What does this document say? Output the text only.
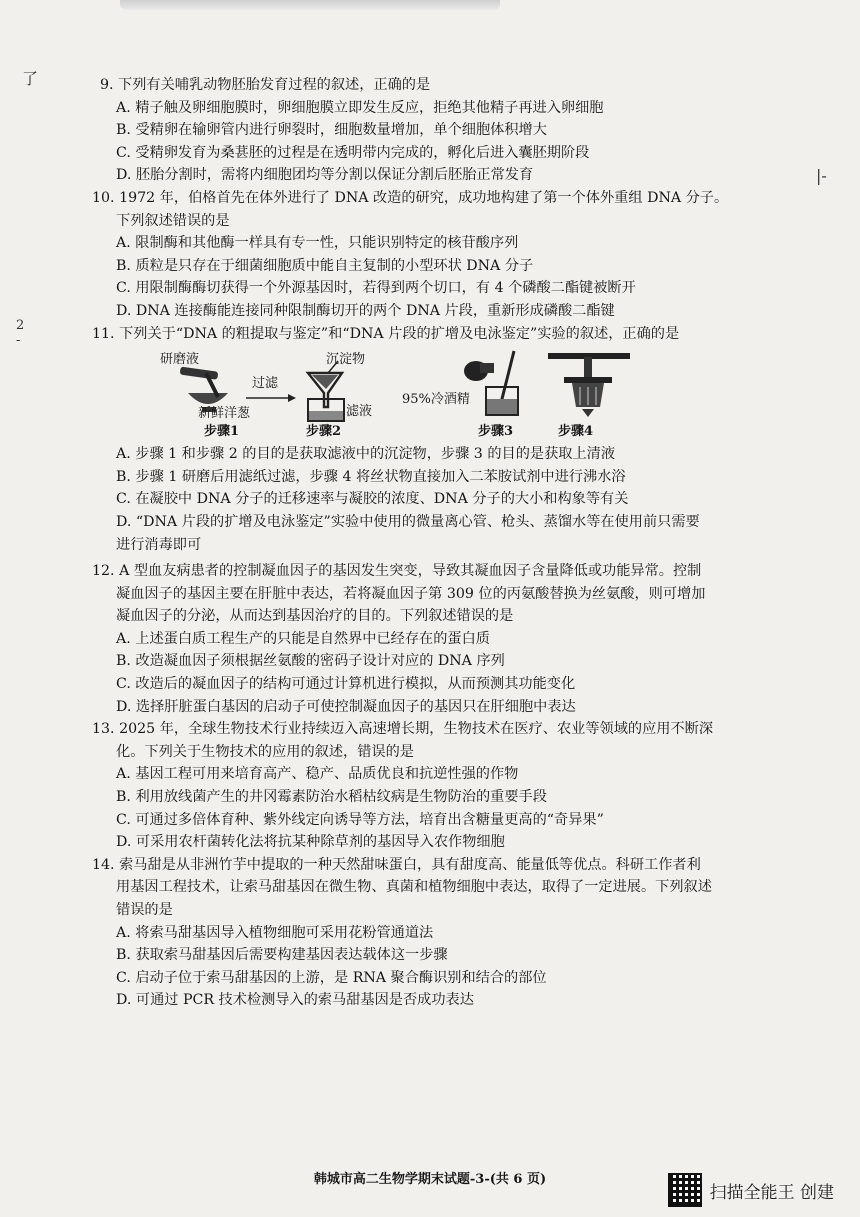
了
|-
2
-

9. 下列有关哺乳动物胚胎发育过程的叙述，正确的是

A. 精子触及卵细胞膜时，卵细胞膜立即发生反应，拒绝其他精子再进入卵细胞

B. 受精卵在输卵管内进行卵裂时，细胞数量增加，单个细胞体积增大

C. 受精卵发育为桑葚胚的过程是在透明带内完成的，孵化后进入囊胚期阶段

D. 胚胎分割时，需将内细胞团均等分割以保证分割后胚胎正常发育

10. 1972 年，伯格首先在体外进行了 DNA 改造的研究，成功地构建了第一个体外重组 DNA 分子。

下列叙述错误的是

A. 限制酶和其他酶一样具有专一性，只能识别特定的核苷酸序列

B. 质粒是只存在于细菌细胞质中能自主复制的小型环状 DNA 分子

C. 用限制酶酶切获得一个外源基因时，若得到两个切口，有 4 个磷酸二酯键被断开

D. DNA 连接酶能连接同种限制酶切开的两个 DNA 片段，重新形成磷酸二酯键

11. 下列关于“DNA 的粗提取与鉴定”和“DNA 片段的扩增及电泳鉴定”实验的叙述，正确的是

研磨液
新鲜洋葱
步骤1
过滤
沉淀物
滤液
步骤2
95%冷酒精
步骤3	步骤4

A. 步骤 1 和步骤 2 的目的是获取滤液中的沉淀物，步骤 3 的目的是获取上清液

B. 步骤 1 研磨后用滤纸过滤，步骤 4 将丝状物直接加入二苯胺试剂中进行沸水浴

C. 在凝胶中 DNA 分子的迁移速率与凝胶的浓度、DNA 分子的大小和构象等有关

D. “DNA 片段的扩增及电泳鉴定”实验中使用的微量离心管、枪头、蒸馏水等在使用前只需要

进行消毒即可

12. A 型血友病患者的控制凝血因子的基因发生突变，导致其凝血因子含量降低或功能异常。控制

凝血因子的基因主要在肝脏中表达，若将凝血因子第 309 位的丙氨酸替换为丝氨酸，则可增加

凝血因子的分泌，从而达到基因治疗的目的。下列叙述错误的是

A. 上述蛋白质工程生产的只能是自然界中已经存在的蛋白质

B. 改造凝血因子须根据丝氨酸的密码子设计对应的 DNA 序列

C. 改造后的凝血因子的结构可通过计算机进行模拟，从而预测其功能变化

D. 选择肝脏蛋白基因的启动子可使控制凝血因子的基因只在肝细胞中表达

13. 2025 年，全球生物技术行业持续迈入高速增长期，生物技术在医疗、农业等领域的应用不断深

化。下列关于生物技术的应用的叙述，错误的是

A. 基因工程可用来培育高产、稳产、品质优良和抗逆性强的作物

B. 利用放线菌产生的井冈霉素防治水稻枯纹病是生物防治的重要手段

C. 可通过多倍体育种、紫外线定向诱导等方法，培育出含糖量更高的“奇异果”

D. 可采用农杆菌转化法将抗某种除草剂的基因导入农作物细胞

14. 索马甜是从非洲竹芋中提取的一种天然甜味蛋白，具有甜度高、能量低等优点。科研工作者利

用基因工程技术，让索马甜基因在微生物、真菌和植物细胞中表达，取得了一定进展。下列叙述

错误的是

A. 将索马甜基因导入植物细胞可采用花粉管通道法

B. 获取索马甜基因后需要构建基因表达载体这一步骤

C. 启动子位于索马甜基因的上游，是 RNA 聚合酶识别和结合的部位

D. 可通过 PCR 技术检测导入的索马甜基因是否成功表达

韩城市高二生物学期末试题-3-(共 6 页)
扫描全能王 创建
